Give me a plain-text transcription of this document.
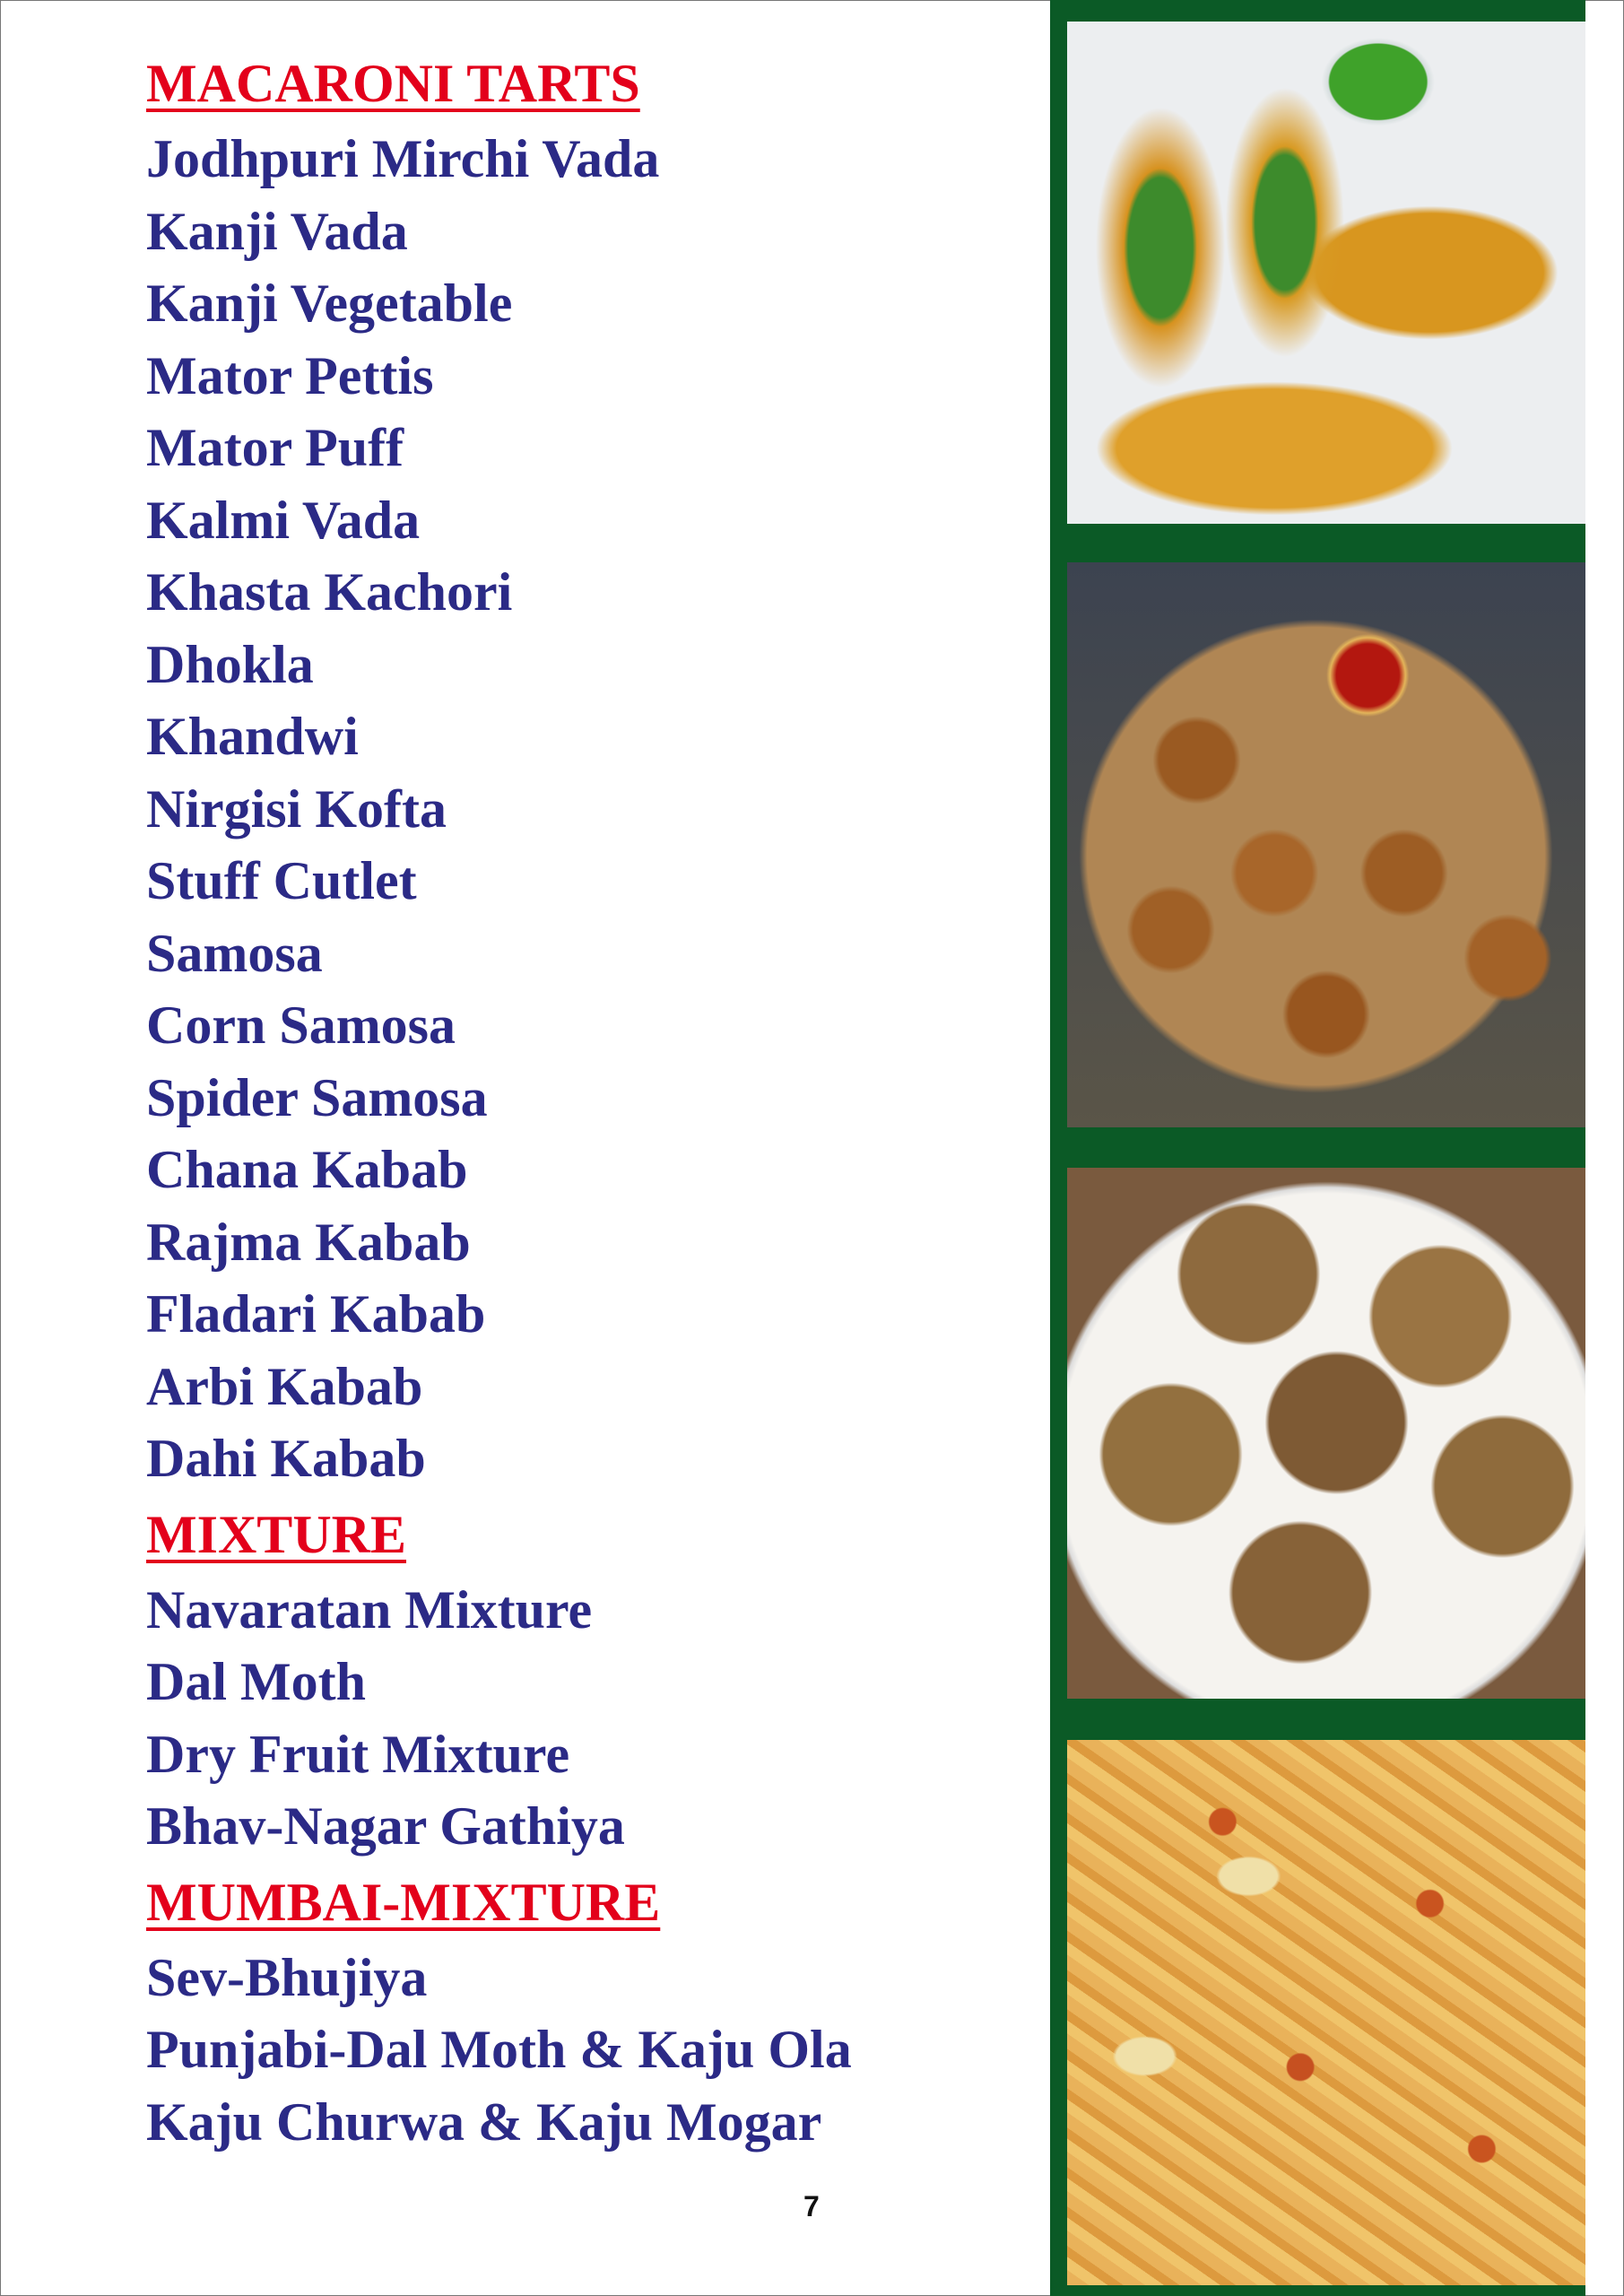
MACARONI TARTS
Jodhpuri Mirchi Vada
Kanji Vada
Kanji Vegetable
Mator Pettis
Mator Puff
Kalmi Vada
Khasta Kachori
Dhokla
Khandwi
Nirgisi Kofta
Stuff Cutlet
Samosa
Corn Samosa
Spider Samosa
Chana Kabab
Rajma Kabab
Fladari Kabab
Arbi Kabab
Dahi Kabab
MIXTURE
Navaratan Mixture
Dal Moth
Dry Fruit Mixture
Bhav-Nagar Gathiya
MUMBAI-MIXTURE
Sev-Bhujiya
Punjabi-Dal Moth & Kaju Ola
Kaju Churwa & Kaju Mogar
7
